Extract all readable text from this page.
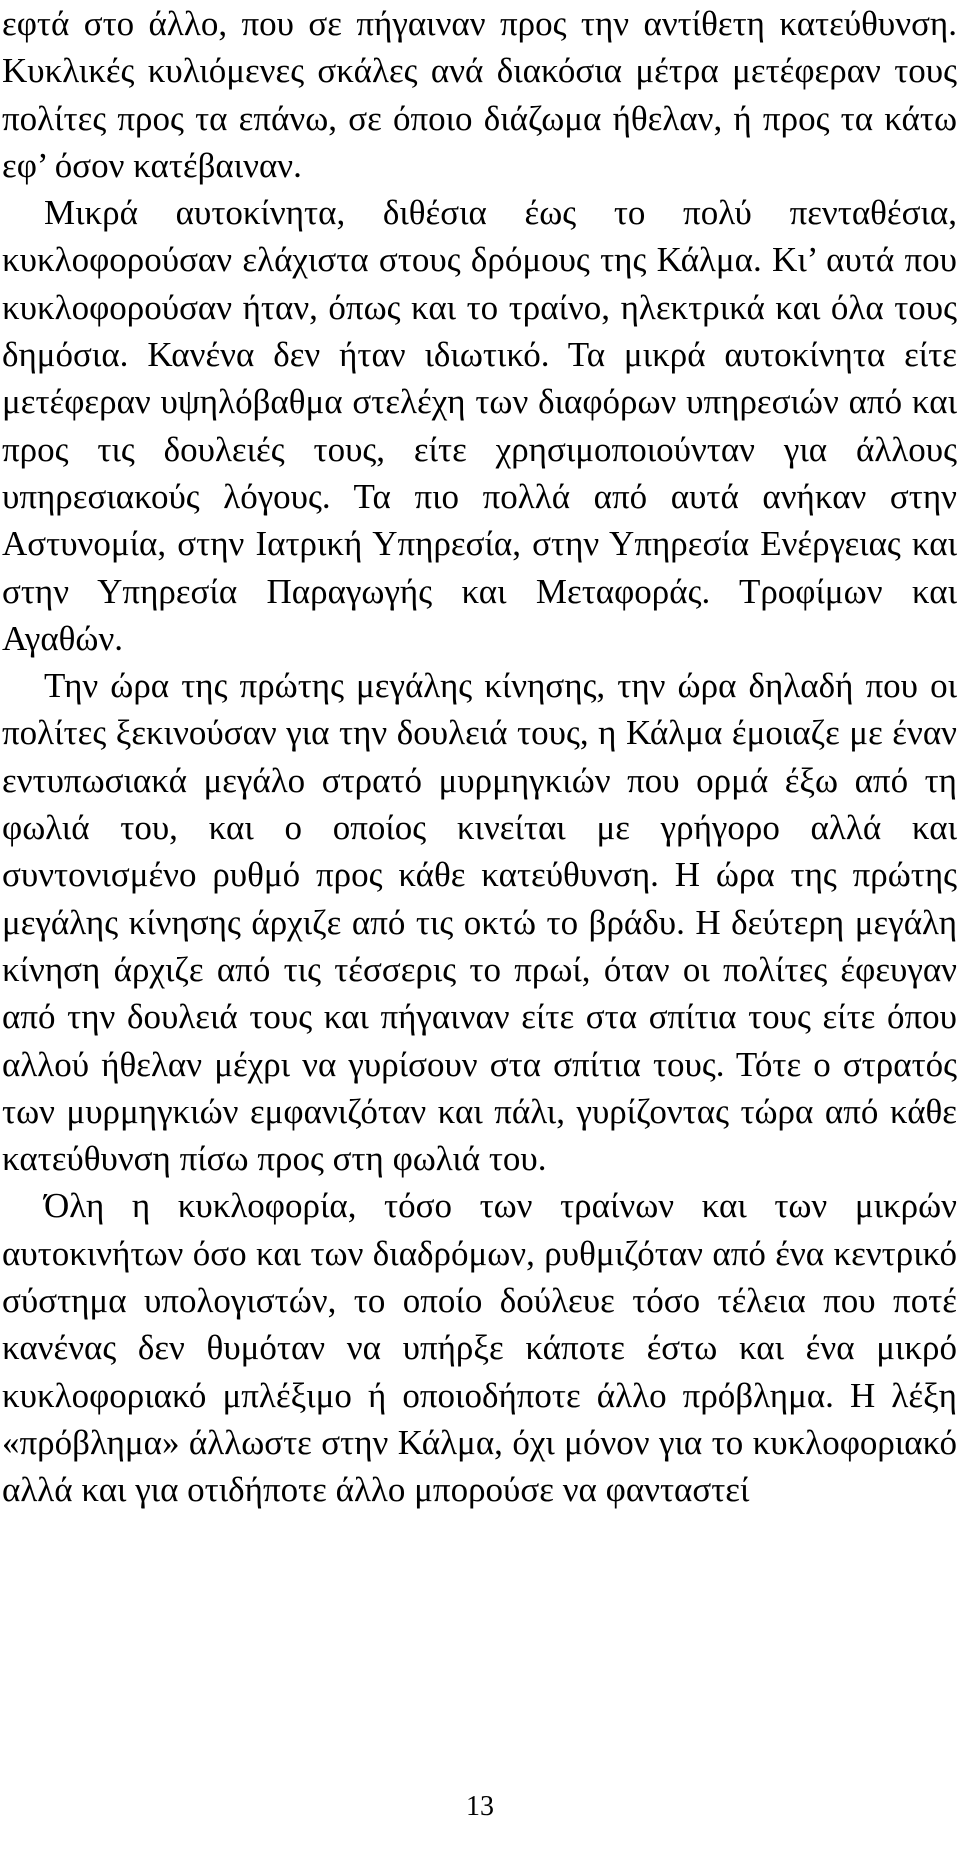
εφτά στο άλλο, που σε πήγαιναν προς την αντίθετη κατεύθυνση. Κυκλικές κυλιόμενες σκάλες ανά διακόσια μέτρα μετέφεραν τους πολίτες προς τα επάνω, σε όποιο διάζωμα ήθελαν, ή προς τα κάτω εφ’ όσον κατέβαιναν.

Μικρά αυτοκίνητα, διθέσια έως το πολύ πενταθέσια, κυκλοφορούσαν ελάχιστα στους δρόμους της Κάλμα. Κι’ αυτά που κυκλοφορούσαν ήταν, όπως και το τραίνο, ηλεκτρικά και όλα τους δημόσια. Κανένα δεν ήταν ιδιωτικό. Τα μικρά αυτοκίνητα είτε μετέφεραν υψηλόβαθμα στελέχη των διαφόρων υπηρεσιών από και προς τις δουλειές τους, είτε χρησιμοποιούνταν για άλλους υπηρεσιακούς λόγους. Τα πιο πολλά από αυτά ανήκαν στην Αστυνομία, στην Ιατρική Υπηρεσία, στην Υπηρεσία Ενέργειας και στην Υπηρεσία Παραγωγής και Μεταφοράς. Τροφίμων και Αγαθών.

Την ώρα της πρώτης μεγάλης κίνησης, την ώρα δηλαδή που οι πολίτες ξεκινούσαν για την δουλειά τους, η Κάλμα έμοιαζε με έναν εντυπωσιακά μεγάλο στρατό μυρμηγκιών που ορμά έξω από τη φωλιά του, και ο οποίος κινείται με γρήγορο αλλά και συντονισμένο ρυθμό προς κάθε κατεύθυνση. Η ώρα της πρώτης μεγάλης κίνησης άρχιζε από τις οκτώ το βράδυ. Η δεύτερη μεγάλη κίνηση άρχιζε από τις τέσσερις το πρωί, όταν οι πολίτες έφευγαν από την δουλειά τους και πήγαιναν είτε στα σπίτια τους είτε όπου αλλού ήθελαν μέχρι να γυρίσουν στα σπίτια τους. Τότε ο στρατός των μυρμηγκιών εμφανιζόταν και πάλι, γυρίζοντας τώρα από κάθε κατεύθυνση πίσω προς στη φωλιά του.

Όλη η κυκλοφορία, τόσο των τραίνων και των μικρών αυτοκινήτων όσο και των διαδρόμων, ρυθμιζόταν από ένα κεντρικό σύστημα υπολογιστών, το οποίο δούλευε τόσο τέλεια που ποτέ κανένας δεν θυμόταν να υπήρξε κάποτε έστω και ένα μικρό κυκλοφοριακό μπλέξιμο ή οποιοδήποτε άλλο πρόβλημα. Η λέξη «πρόβλημα» άλλωστε στην Κάλμα, όχι μόνον για το κυκλοφοριακό αλλά και για οτιδήποτε άλλο μπορούσε να φανταστεί

13
